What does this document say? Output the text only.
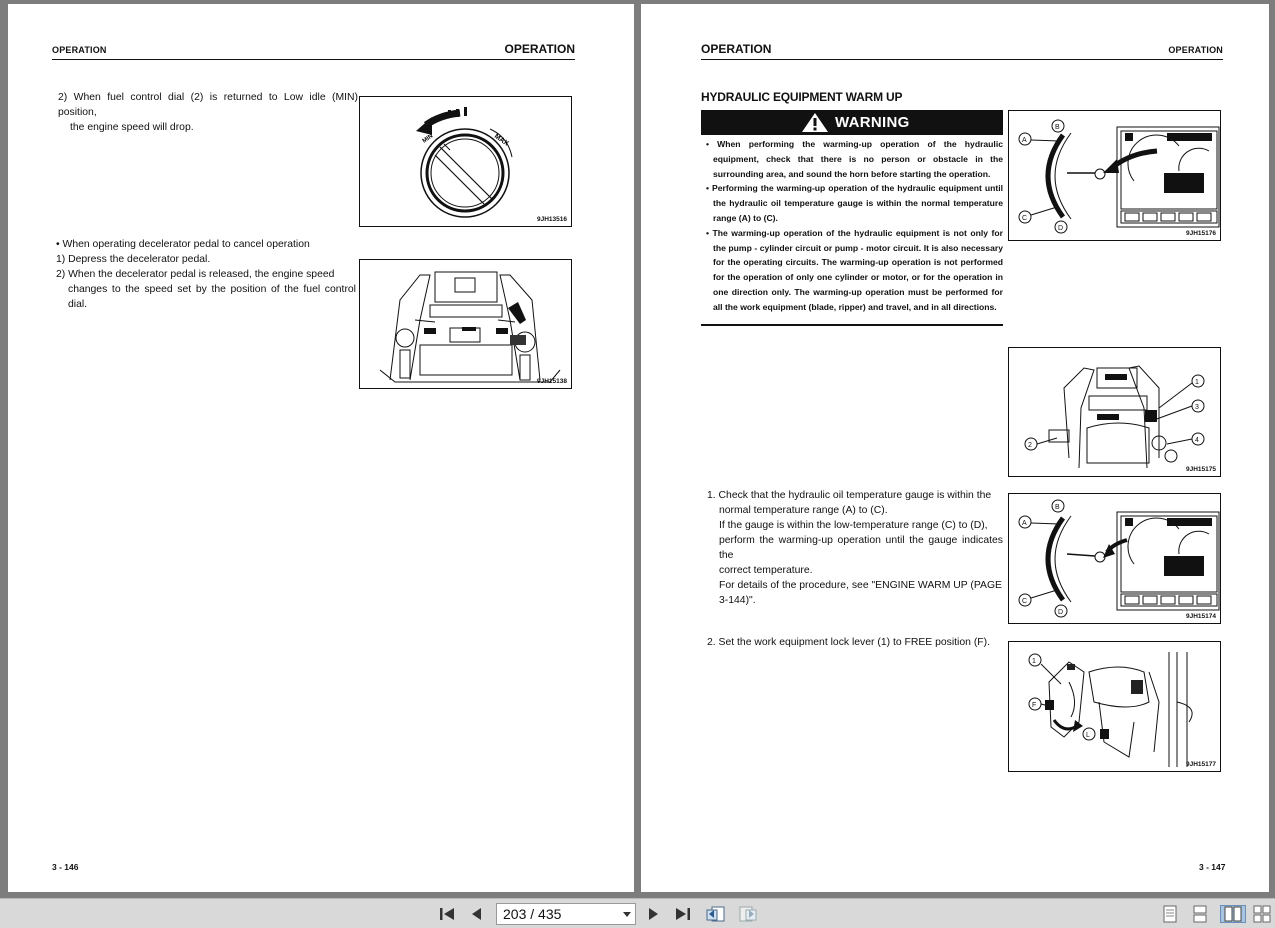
OPERATION	OPERATION
2) When fuel control dial (2) is returned to Low idle (MIN) position,
the engine speed will drop.
MAX
MIN
9JH13516
• When operating decelerator pedal to cancel operation
1) Depress the decelerator pedal.
2) When the decelerator pedal is released, the engine speed
changes to the speed set by the position of the fuel control dial.
9JH15138
3 - 146
OPERATION	OPERATION
HYDRAULIC EQUIPMENT WARM UP
WARNING
• When performing the warming-up operation of the hydraulic equipment, check that there is no person or obstacle in the surrounding area, and sound the horn before starting the operation.
• Performing the warming-up operation of the hydraulic equipment until the hydraulic oil temperature gauge is within the normal temperature range (A) to (C).
• The warming-up operation of the hydraulic equipment is not only for the pump - cylinder circuit or pump - motor circuit. It is also necessary for the operating circuits. The warming-up operation is not performed for the operation of only one cylinder or motor, or for the operation in one direction only. The warming-up operation must be performed for all the work equipment (blade, ripper) and travel, and in all directions.
B
A
C
D
9JH15176
1
2
3
4
9JH15175
1. Check that the hydraulic oil temperature gauge is within the
normal temperature range (A) to (C).
If the gauge is within the low-temperature range (C) to (D),
perform the warming-up operation until the gauge indicates the
correct temperature.
For details of the procedure, see "ENGINE WARM UP (PAGE
3-144)".
B
A
C
D
9JH15174
2. Set the work equipment lock lever (1) to FREE position (F).
1
F
L
9JH15177
3 - 147
203 / 435
